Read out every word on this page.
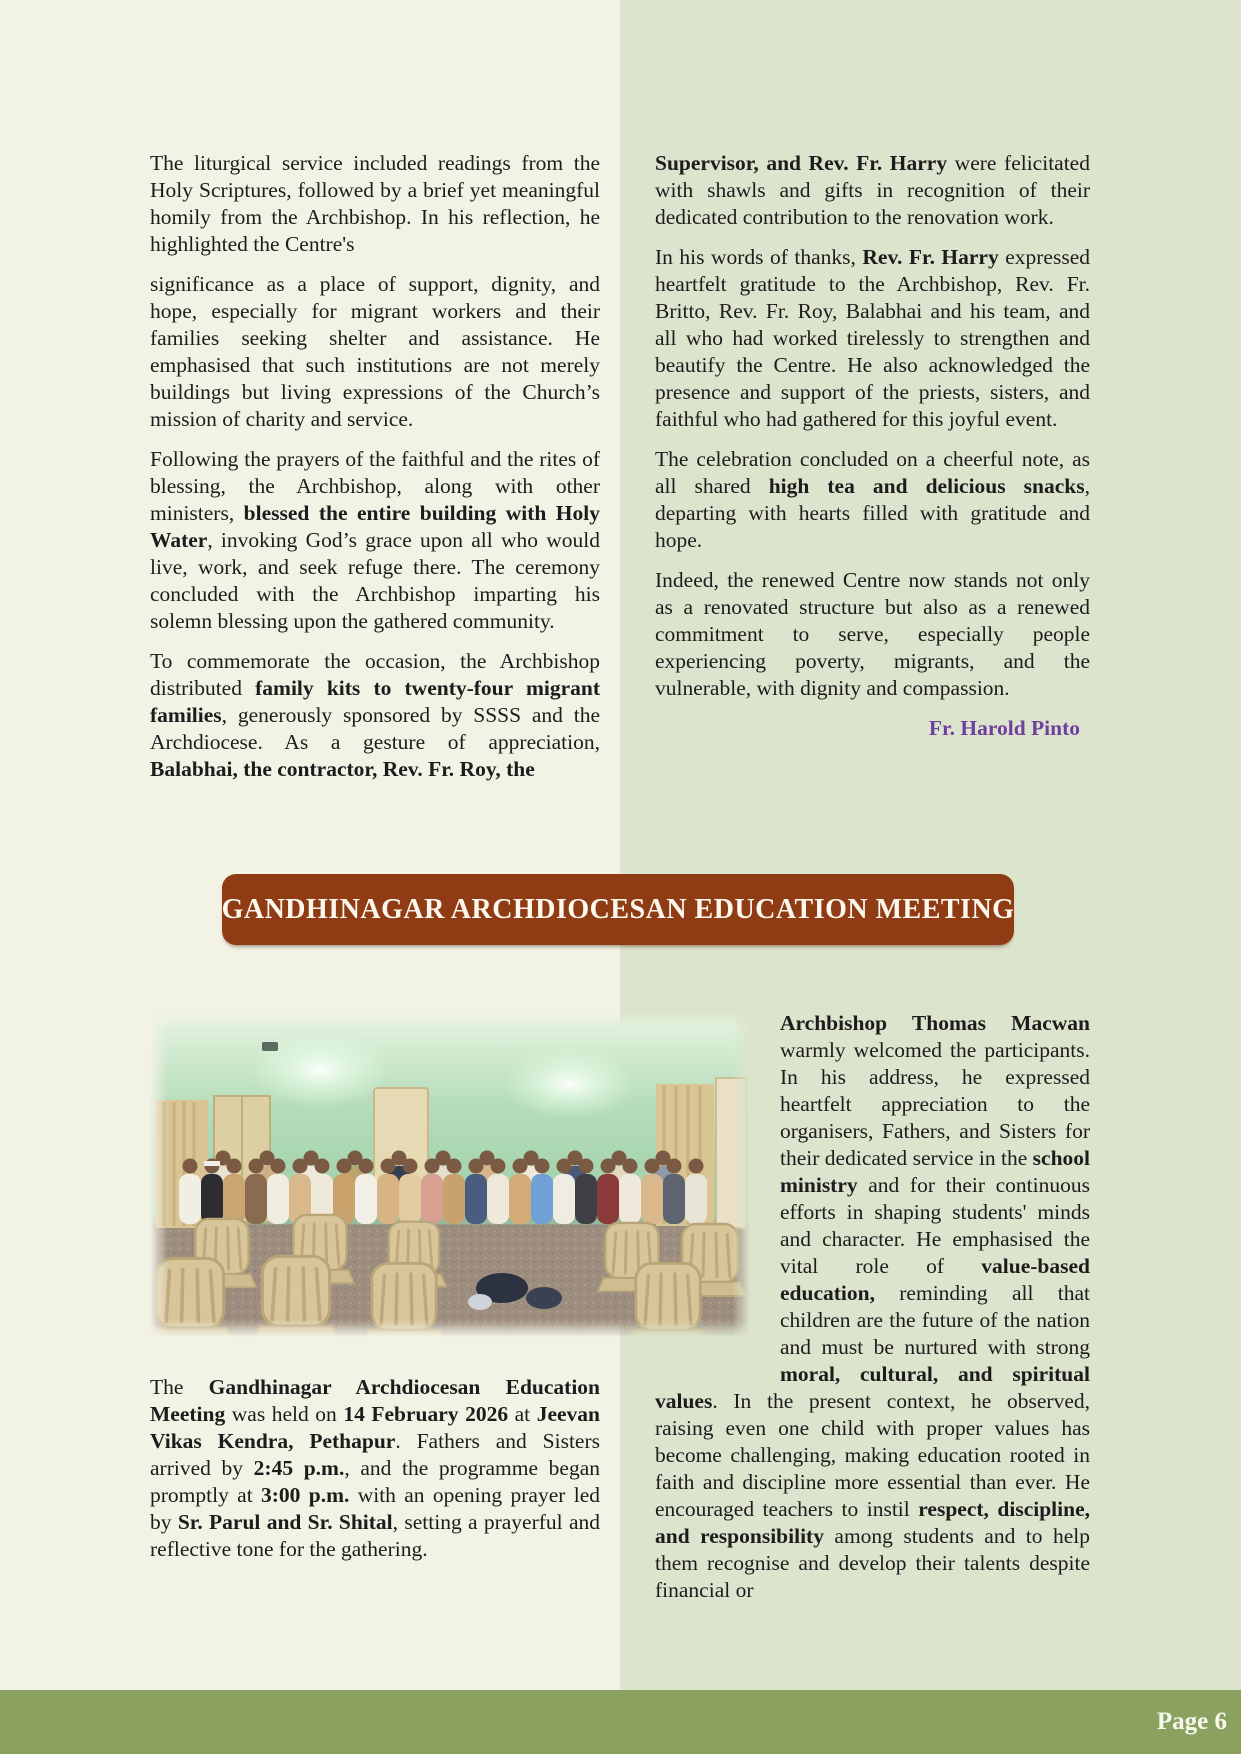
The liturgical service included readings from the Holy Scriptures, followed by a brief yet meaningful homily from the Archbishop. In his reflection, he highlighted the Centre's

significance as a place of support, dignity, and hope, especially for migrant workers and their families seeking shelter and assistance. He emphasised that such institutions are not merely buildings but living expressions of the Church’s mission of charity and service.

Following the prayers of the faithful and the rites of blessing, the Archbishop, along with other ministers, blessed the entire building with Holy Water, invoking God’s grace upon all who would live, work, and seek refuge there. The ceremony concluded with the Archbishop imparting his solemn blessing upon the gathered community.

To commemorate the occasion, the Archbishop distributed family kits to twenty-four migrant families, generously sponsored by SSSS and the Archdiocese. As a gesture of appreciation, Balabhai, the contractor, Rev. Fr. Roy, the

Supervisor, and Rev. Fr. Harry were felicitated with shawls and gifts in recognition of their dedicated contribution to the renovation work.

In his words of thanks, Rev. Fr. Harry expressed heartfelt gratitude to the Archbishop, Rev. Fr. Britto, Rev. Fr. Roy, Balabhai and his team, and all who had worked tirelessly to strengthen and beautify the Centre. He also acknowledged the presence and support of the priests, sisters, and faithful who had gathered for this joyful event.

The celebration concluded on a cheerful note, as all shared high tea and delicious snacks, departing with hearts filled with gratitude and hope.

Indeed, the renewed Centre now stands not only as a renovated structure but also as a renewed commitment to serve, especially people experiencing poverty, migrants, and the vulnerable, with dignity and compassion.

Fr. Harold Pinto
GANDHINAGAR ARCHDIOCESAN EDUCATION MEETING

The Gandhinagar Archdiocesan Education Meeting was held on 14 February 2026 at Jeevan Vikas Kendra, Pethapur. Fathers and Sisters arrived by 2:45 p.m., and the programme began promptly at 3:00 p.m. with an opening prayer led by Sr. Parul and Sr. Shital, setting a prayerful and reflective tone for the gathering.

Archbishop Thomas Macwan warmly welcomed the participants. In his address, he expressed heartfelt appreciation to the organisers, Fathers, and Sisters for their dedicated service in the school ministry and for their continuous efforts in shaping students' minds and character. He emphasised the vital role of value-based education, reminding all that children are the future of the nation and must be nurtured with strong moral, cultural, and spiritual values. In the present context, he observed, raising even one child with proper values has become challenging, making education rooted in faith and discipline more essential than ever. He encouraged teachers to instil respect, discipline, and responsibility among students and to help them recognise and develop their talents despite financial or
Page 6
